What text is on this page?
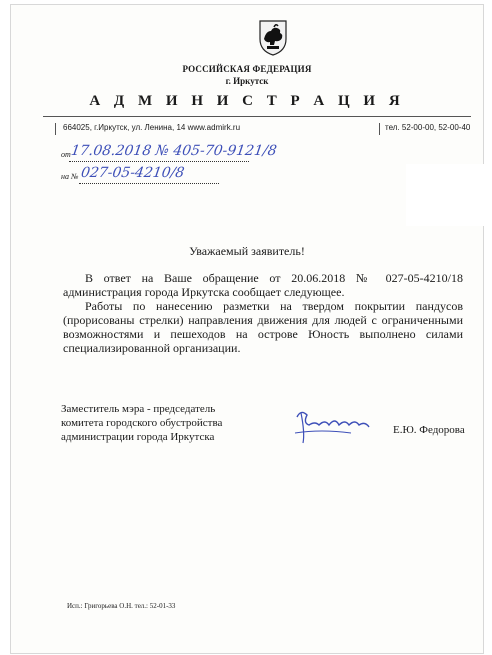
РОССИЙСКАЯ ФЕДЕРАЦИЯ
г. Иркутск
А Д М И Н И С Т Р А Ц И Я
664025, г.Иркутск, ул. Ленина, 14 www.admirk.ru	тел. 52-00-00, 52-00-40
от 17.08.2018 № 405-70-9121/8
на № 027-05-4210/8
Уважаемый заявитель!
В ответ на Ваше обращение от 20.06.2018 № 027-05-4210/18 администрация города Иркутска сообщает следующее.
Работы по нанесению разметки на твердом покрытии пандусов (прорисованы стрелки) направления движения для людей с ограниченными возможностями и пешеходов на острове Юность выполнено силами специализированной организации.
Заместитель мэра - председатель
комитета городского обустройства
администрации города Иркутска
Е.Ю. Федорова
Исп.: Григорьева О.Н. тел.: 52-01-33
